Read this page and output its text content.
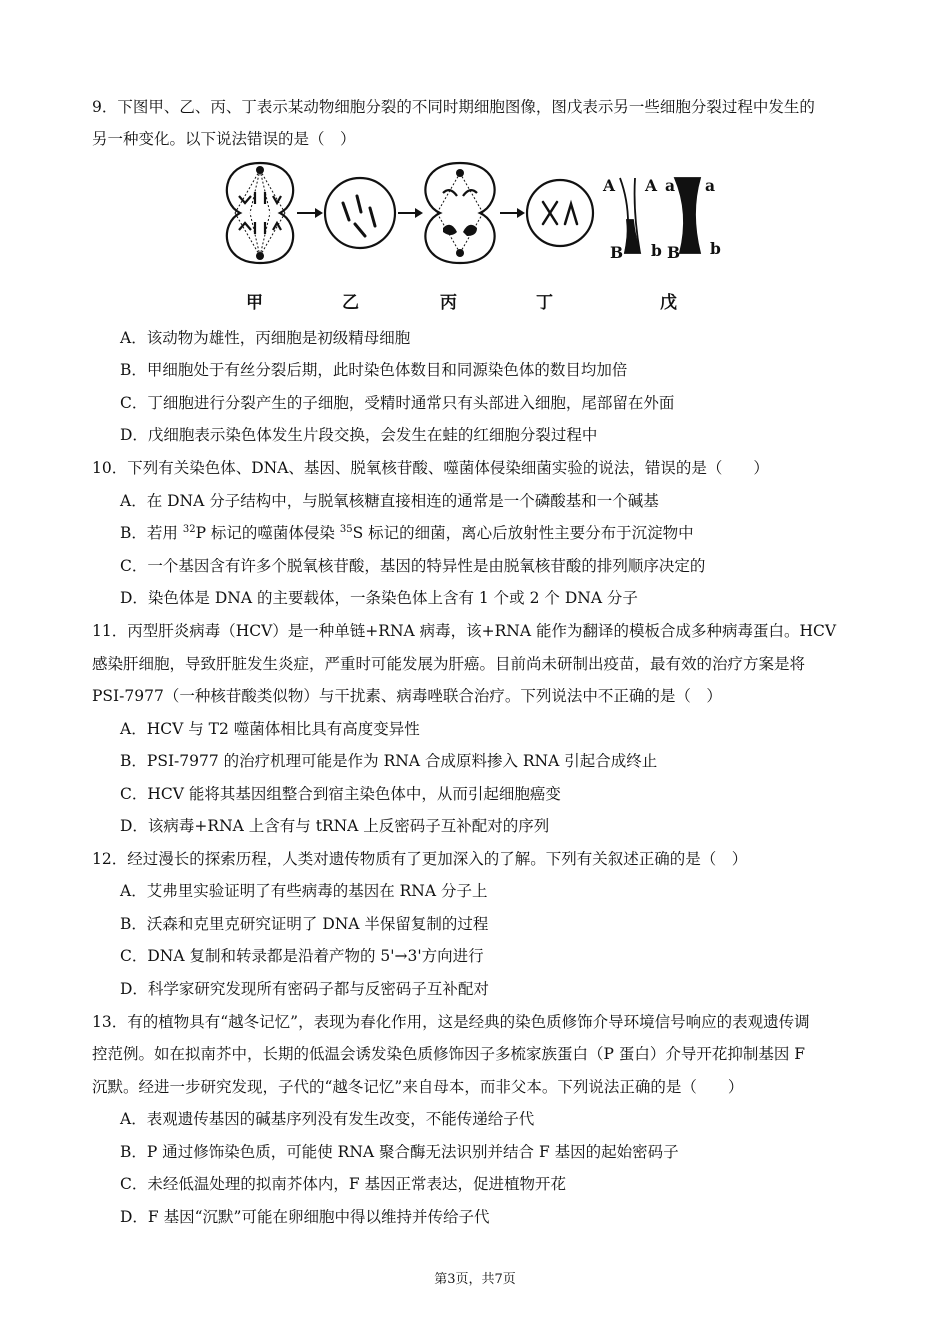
9．下图甲、乙、丙、丁表示某动物细胞分裂的不同时期细胞图像，图戊表示另一些细胞分裂过程中发生的
另一种变化。以下说法错误的是（　）
A A a a
B b B b
甲	乙	丙	丁	戊
A．该动物为雄性，丙细胞是初级精母细胞
B．甲细胞处于有丝分裂后期，此时染色体数目和同源染色体的数目均加倍
C．丁细胞进行分裂产生的子细胞，受精时通常只有头部进入细胞，尾部留在外面
D．戊细胞表示染色体发生片段交换，会发生在蛙的红细胞分裂过程中
10．下列有关染色体、DNA、基因、脱氧核苷酸、噬菌体侵染细菌实验的说法，错误的是（　　）
A．在 DNA 分子结构中，与脱氧核糖直接相连的通常是一个磷酸基和一个碱基
B．若用 $^{32}$P 标记的噬菌体侵染 $^{35}$S 标记的细菌，离心后放射性主要分布于沉淀物中
C．一个基因含有许多个脱氧核苷酸，基因的特异性是由脱氧核苷酸的排列顺序决定的
D．染色体是 DNA 的主要载体，一条染色体上含有 1 个或 2 个 DNA 分子
11．丙型肝炎病毒（HCV）是一种单链+RNA 病毒，该+RNA 能作为翻译的模板合成多种病毒蛋白。HCV
感染肝细胞，导致肝脏发生炎症，严重时可能发展为肝癌。目前尚未研制出疫苗，最有效的治疗方案是将
PSI-7977（一种核苷酸类似物）与干扰素、病毒唑联合治疗。下列说法中不正确的是（　）
A．HCV 与 T2 噬菌体相比具有高度变异性
B．PSI-7977 的治疗机理可能是作为 RNA 合成原料掺入 RNA 引起合成终止
C．HCV 能将其基因组整合到宿主染色体中，从而引起细胞癌变
D．该病毒+RNA 上含有与 tRNA 上反密码子互补配对的序列
12．经过漫长的探索历程，人类对遗传物质有了更加深入的了解。下列有关叙述正确的是（　）
A．艾弗里实验证明了有些病毒的基因在 RNA 分子上
B．沃森和克里克研究证明了 DNA 半保留复制的过程
C．DNA 复制和转录都是沿着产物的 5'→3'方向进行
D．科学家研究发现所有密码子都与反密码子互补配对
13．有的植物具有“越冬记忆”，表现为春化作用，这是经典的染色质修饰介导环境信号响应的表观遗传调
控范例。如在拟南芥中，长期的低温会诱发染色质修饰因子多梳家族蛋白（P 蛋白）介导开花抑制基因 F
沉默。经进一步研究发现，子代的“越冬记忆”来自母本，而非父本。下列说法正确的是（　　）
A．表观遗传基因的碱基序列没有发生改变，不能传递给子代
B．P 通过修饰染色质，可能使 RNA 聚合酶无法识别并结合 F 基因的起始密码子
C．未经低温处理的拟南芥体内，F 基因正常表达，促进植物开花
D．F 基因“沉默”可能在卵细胞中得以维持并传给子代
第3页，共7页
